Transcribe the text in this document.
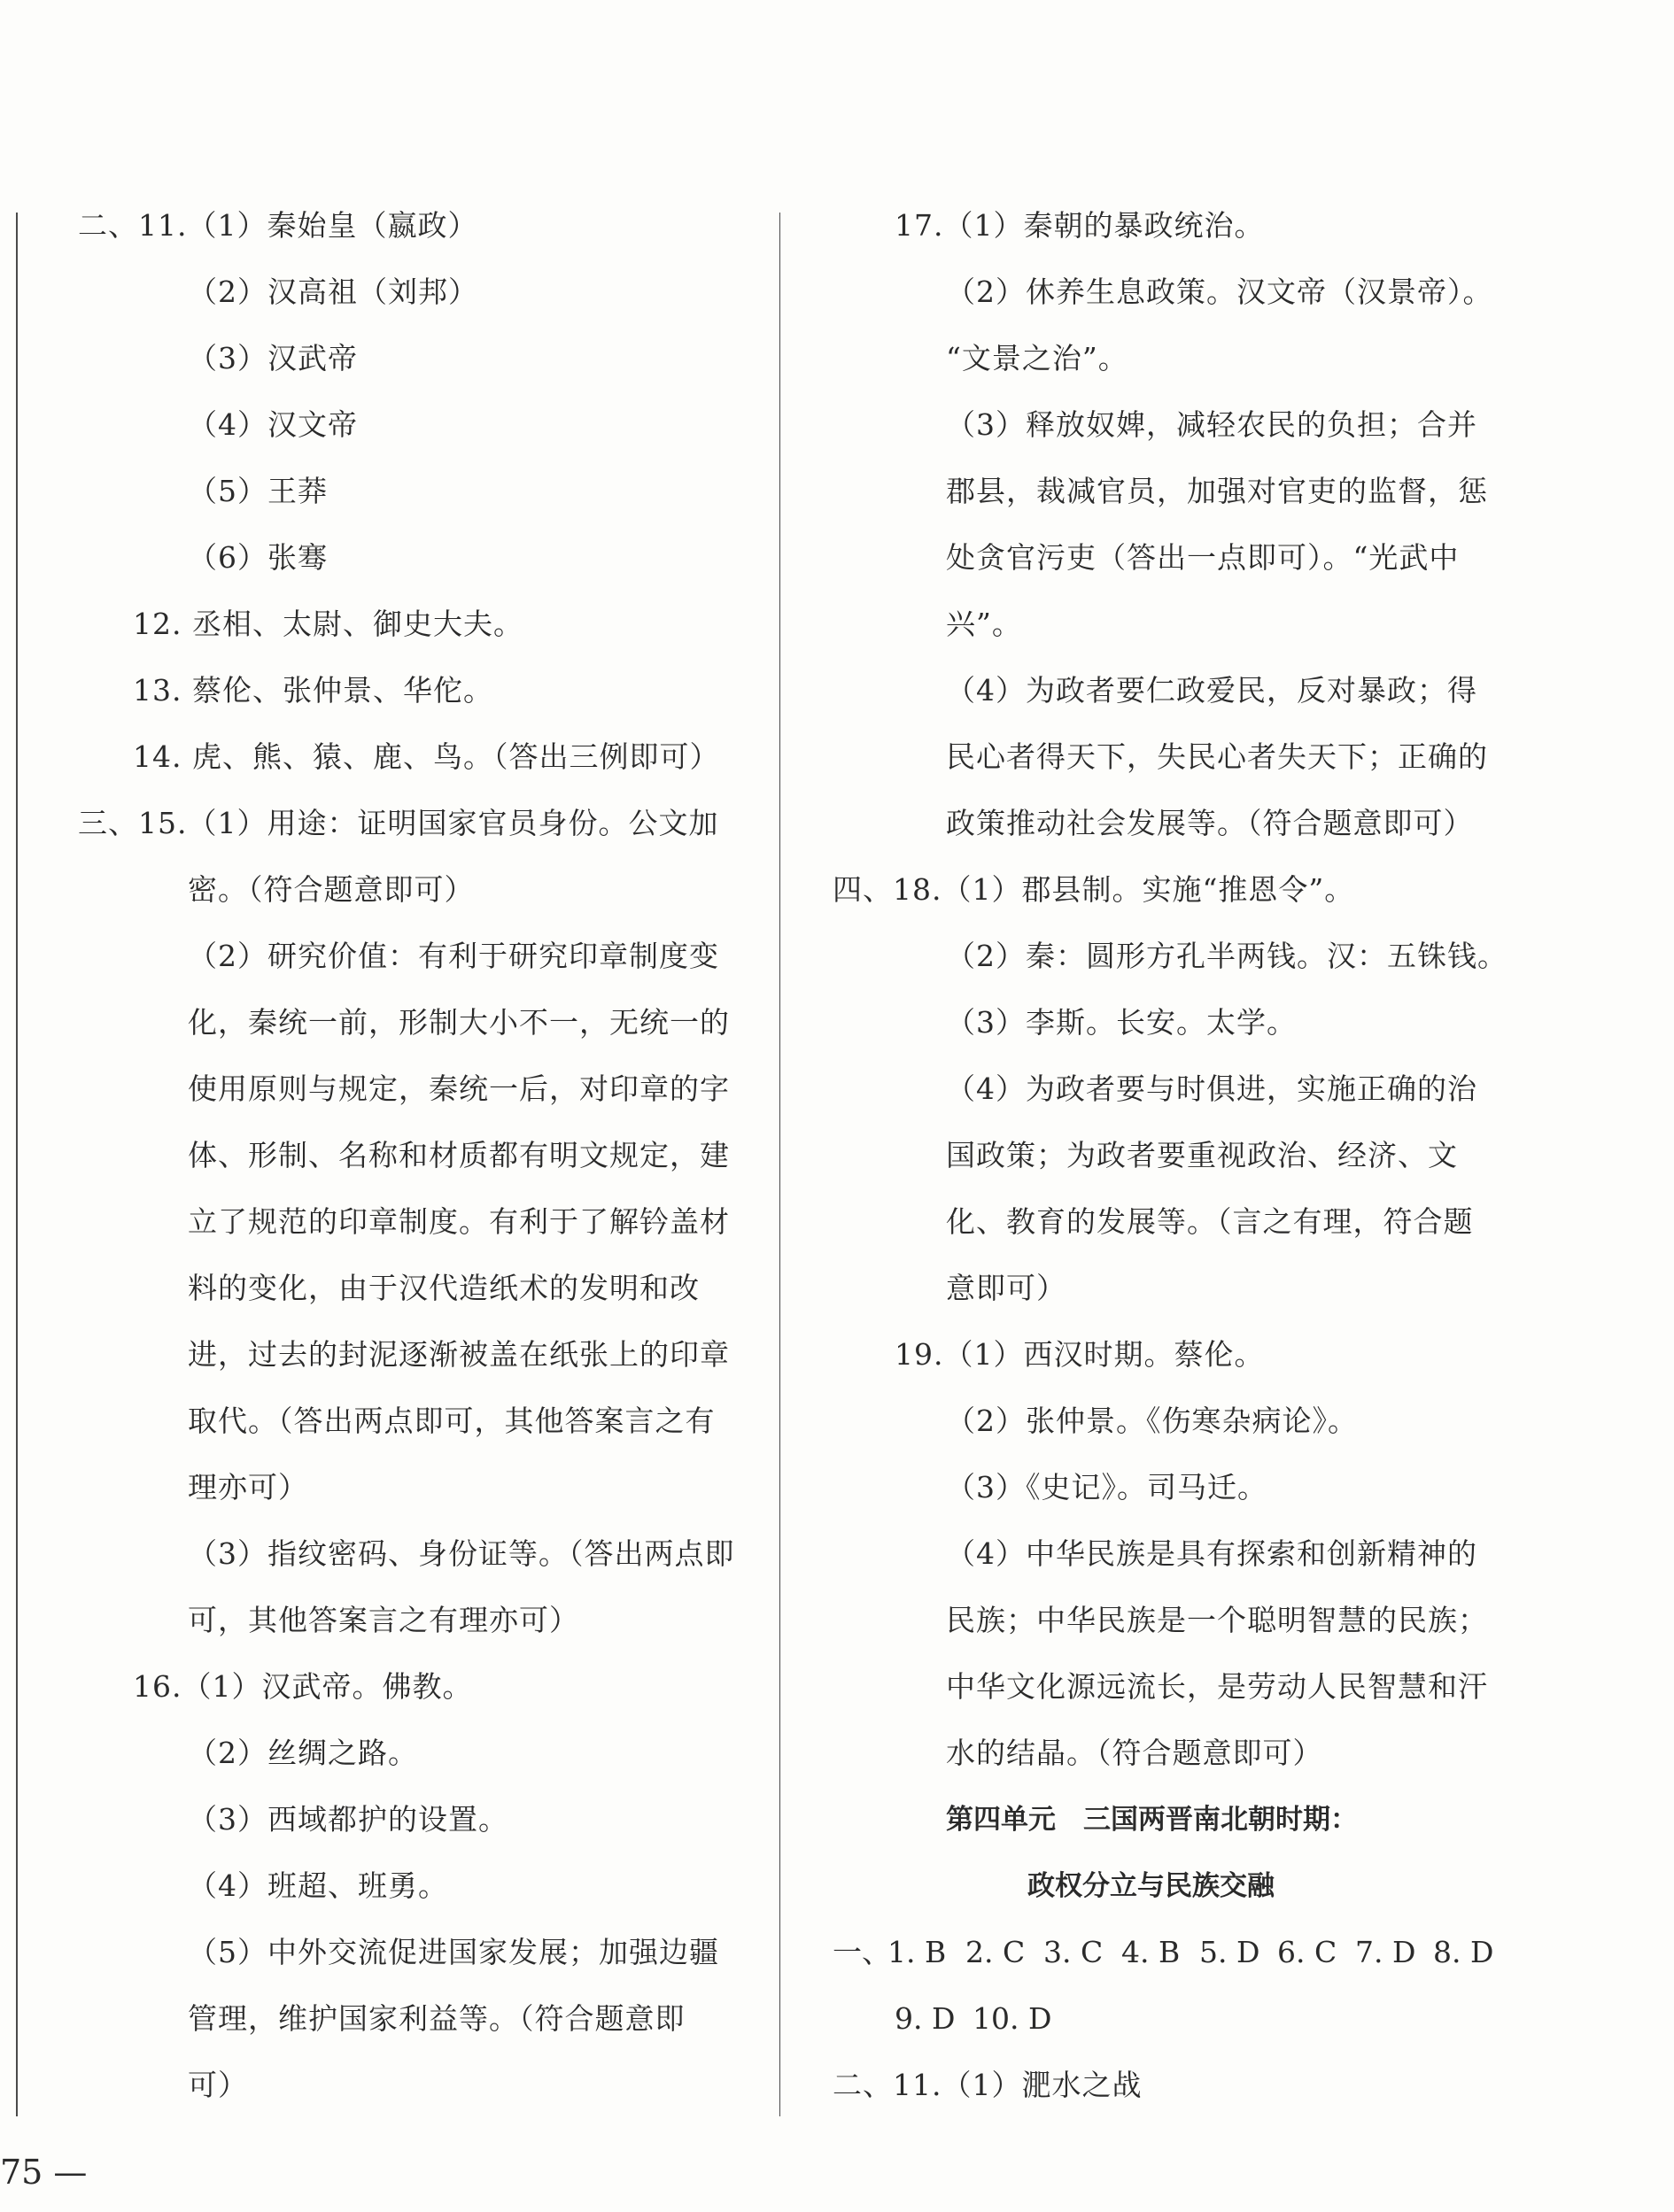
二、11.（1）秦始皇（嬴政）
（2）汉高祖（刘邦）
（3）汉武帝
（4）汉文帝
（5）王莽
（6）张骞
12. 丞相、太尉、御史大夫。
13. 蔡伦、张仲景、华佗。
14. 虎、熊、猿、鹿、鸟。（答出三例即可）
三、15.（1）用途：证明国家官员身份。公文加
密。（符合题意即可）
（2）研究价值：有利于研究印章制度变
化，秦统一前，形制大小不一，无统一的
使用原则与规定，秦统一后，对印章的字
体、形制、名称和材质都有明文规定，建
立了规范的印章制度。有利于了解钤盖材
料的变化，由于汉代造纸术的发明和改
进，过去的封泥逐渐被盖在纸张上的印章
取代。（答出两点即可，其他答案言之有
理亦可）
（3）指纹密码、身份证等。（答出两点即
可，其他答案言之有理亦可）
16.（1）汉武帝。佛教。
（2）丝绸之路。
（3）西域都护的设置。
（4）班超、班勇。
（5）中外交流促进国家发展；加强边疆
管理，维护国家利益等。（符合题意即
可）
17.（1）秦朝的暴政统治。
（2）休养生息政策。汉文帝（汉景帝）。
“文景之治”。
（3）释放奴婢，减轻农民的负担；合并
郡县，裁减官员，加强对官吏的监督，惩
处贪官污吏（答出一点即可）。“光武中
兴”。
（4）为政者要仁政爱民，反对暴政；得
民心者得天下，失民心者失天下；正确的
政策推动社会发展等。（符合题意即可）
四、18.（1）郡县制。实施“推恩令”。
（2）秦：圆形方孔半两钱。汉：五铢钱。
（3）李斯。长安。太学。
（4）为政者要与时俱进，实施正确的治
国政策；为政者要重视政治、经济、文
化、教育的发展等。（言之有理，符合题
意即可）
19.（1）西汉时期。蔡伦。
（2）张仲景。《伤寒杂病论》。
（3）《史记》。司马迁。
（4）中华民族是具有探索和创新精神的
民族；中华民族是一个聪明智慧的民族；
中华文化源远流长，是劳动人民智慧和汗
水的结晶。（符合题意即可）
第四单元　三国两晋南北朝时期：
政权分立与民族交融
一、
1. B 2. C 3. C 4. B 5. D 6. C 7. D 8. D
9. D 10. D
二、11.（1）淝水之战
75 —
